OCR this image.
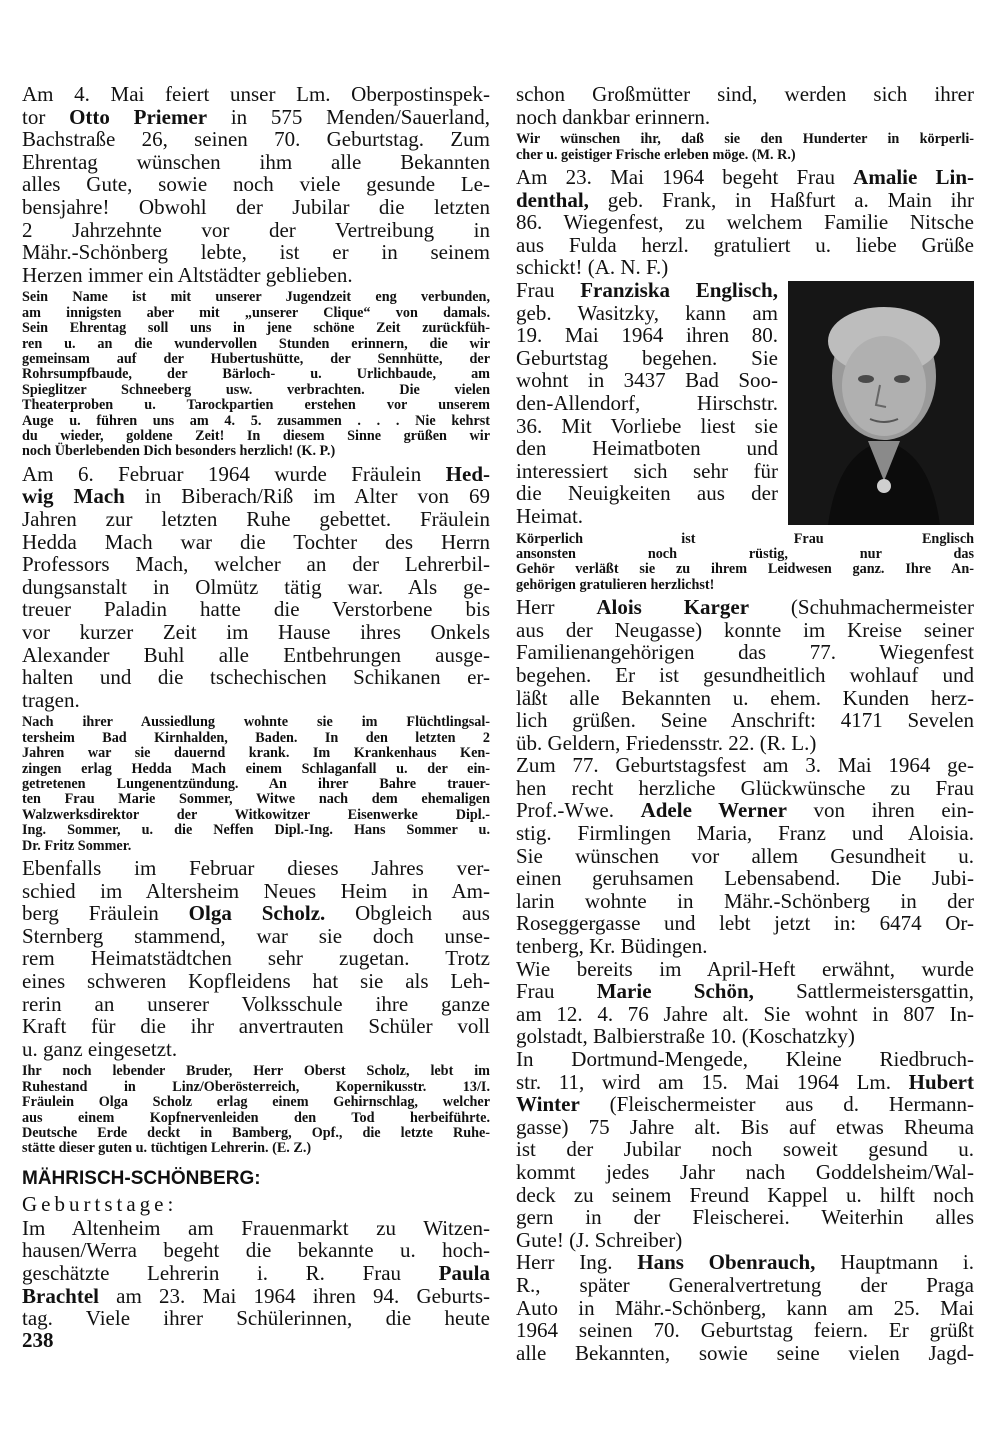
Am 4. Mai feiert unser Lm. Oberpostinspek-
tor Otto Priemer in 575 Menden/Sauerland,
Bachstraße 26, seinen 70. Geburtstag. Zum
Ehrentag wünschen ihm alle Bekannten
alles Gute, sowie noch viele gesunde Le-
bensjahre! Obwohl der Jubilar die letzten
2 Jahrzehnte vor der Vertreibung in
Mähr.-Schönberg lebte, ist er in seinem
Herzen immer ein Altstädter geblieben.
Sein Name ist mit unserer Jugendzeit eng verbunden,
am innigsten aber mit „unserer Clique“ von damals.
Sein Ehrentag soll uns in jene schöne Zeit zurückfüh-
ren u. an die wundervollen Stunden erinnern, die wir
gemeinsam auf der Hubertushütte, der Sennhütte, der
Rohrsumpfbaude, der Bärloch- u. Urlichbaude, am
Spieglitzer Schneeberg usw. verbrachten. Die vielen
Theaterproben u. Tarockpartien erstehen vor unserem
Auge u. führen uns am 4. 5. zusammen . . . Nie kehrst
du wieder, goldene Zeit! In diesem Sinne grüßen wir
noch Überlebenden Dich besonders herzlich! (K. P.)
Am 6. Februar 1964 wurde Fräulein Hed-
wig Mach in Biberach/Riß im Alter von 69
Jahren zur letzten Ruhe gebettet. Fräulein
Hedda Mach war die Tochter des Herrn
Professors Mach, welcher an der Lehrerbil-
dungsanstalt in Olmütz tätig war. Als ge-
treuer Paladin hatte die Verstorbene bis
vor kurzer Zeit im Hause ihres Onkels
Alexander Buhl alle Entbehrungen ausge-
halten und die tschechischen Schikanen er-
tragen.
Nach ihrer Aussiedlung wohnte sie im Flüchtlingsal-
tersheim Bad Kirnhalden, Baden. In den letzten 2
Jahren war sie dauernd krank. Im Krankenhaus Ken-
zingen erlag Hedda Mach einem Schlaganfall u. der ein-
getretenen Lungenentzündung. An ihrer Bahre trauer-
ten Frau Marie Sommer, Witwe nach dem ehemaligen
Walzwerksdirektor der Witkowitzer Eisenwerke Dipl.-
Ing. Sommer, u. die Neffen Dipl.-Ing. Hans Sommer u.
Dr. Fritz Sommer.
Ebenfalls im Februar dieses Jahres ver-
schied im Altersheim Neues Heim in Am-
berg Fräulein Olga Scholz. Obgleich aus
Sternberg stammend, war sie doch unse-
rem Heimatstädtchen sehr zugetan. Trotz
eines schweren Kopfleidens hat sie als Leh-
rerin an unserer Volksschule ihre ganze
Kraft für die ihr anvertrauten Schüler voll
u. ganz eingesetzt.
Ihr noch lebender Bruder, Herr Oberst Scholz, lebt im
Ruhestand in Linz/Oberösterreich, Kopernikusstr. 13/I.
Fräulein Olga Scholz erlag einem Gehirnschlag, welcher
aus einem Kopfnervenleiden den Tod herbeiführte.
Deutsche Erde deckt in Bamberg, Opf., die letzte Ruhe-
stätte dieser guten u. tüchtigen Lehrerin. (E. Z.)
MÄHRISCH-SCHÖNBERG:
Geburtstage:
Im Altenheim am Frauenmarkt zu Witzen-
hausen/Werra begeht die bekannte u. hoch-
geschätzte Lehrerin i. R. Frau Paula
Brachtel am 23. Mai 1964 ihren 94. Geburts-
tag. Viele ihrer Schülerinnen, die heute
schon Großmütter sind, werden sich ihrer
noch dankbar erinnern.
Wir wünschen ihr, daß sie den Hunderter in körperli-
cher u. geistiger Frische erleben möge. (M. R.)
Am 23. Mai 1964 begeht Frau Amalie Lin-
denthal, geb. Frank, in Haßfurt a. Main ihr
86. Wiegenfest, zu welchem Familie Nitsche
aus Fulda herzl. gratuliert u. liebe Grüße
schickt! (A. N. F.)
Frau Franziska Englisch,
geb. Wasitzky, kann am
19. Mai 1964 ihren 80.
Geburtstag begehen. Sie
wohnt in 3437 Bad Soo-
den-Allendorf, Hirschstr.
36. Mit Vorliebe liest sie
den Heimatboten und
interessiert sich sehr für
die Neuigkeiten aus der
Heimat.
Körperlich ist Frau Englisch
ansonsten noch rüstig, nur das
Gehör verläßt sie zu ihrem Leidwesen ganz. Ihre An-
gehörigen gratulieren herzlichst!
Herr Alois Karger (Schuhmachermeister
aus der Neugasse) konnte im Kreise seiner
Familienangehörigen das 77. Wiegenfest
begehen. Er ist gesundheitlich wohlauf und
läßt alle Bekannten u. ehem. Kunden herz-
lich grüßen. Seine Anschrift: 4171 Sevelen
üb. Geldern, Friedensstr. 22. (R. L.)
Zum 77. Geburtstagsfest am 3. Mai 1964 ge-
hen recht herzliche Glückwünsche zu Frau
Prof.-Wwe. Adele Werner von ihren ein-
stig. Firmlingen Maria, Franz und Aloisia.
Sie wünschen vor allem Gesundheit u.
einen geruhsamen Lebensabend. Die Jubi-
larin wohnte in Mähr.-Schönberg in der
Roseggergasse und lebt jetzt in: 6474 Or-
tenberg, Kr. Büdingen.
Wie bereits im April-Heft erwähnt, wurde
Frau Marie Schön, Sattlermeistersgattin,
am 12. 4. 76 Jahre alt. Sie wohnt in 807 In-
golstadt, Balbierstraße 10. (Koschatzky)
In Dortmund-Mengede, Kleine Riedbruch-
str. 11, wird am 15. Mai 1964 Lm. Hubert
Winter (Fleischermeister aus d. Hermann-
gasse) 75 Jahre alt. Bis auf etwas Rheuma
ist der Jubilar noch soweit gesund u.
kommt jedes Jahr nach Goddelsheim/Wal-
deck zu seinem Freund Kappel u. hilft noch
gern in der Fleischerei. Weiterhin alles
Gute! (J. Schreiber)
Herr Ing. Hans Obenrauch, Hauptmann i.
R., später Generalvertretung der Praga
Auto in Mähr.-Schönberg, kann am 25. Mai
1964 seinen 70. Geburtstag feiern. Er grüßt
alle Bekannten, sowie seine vielen Jagd-
238
